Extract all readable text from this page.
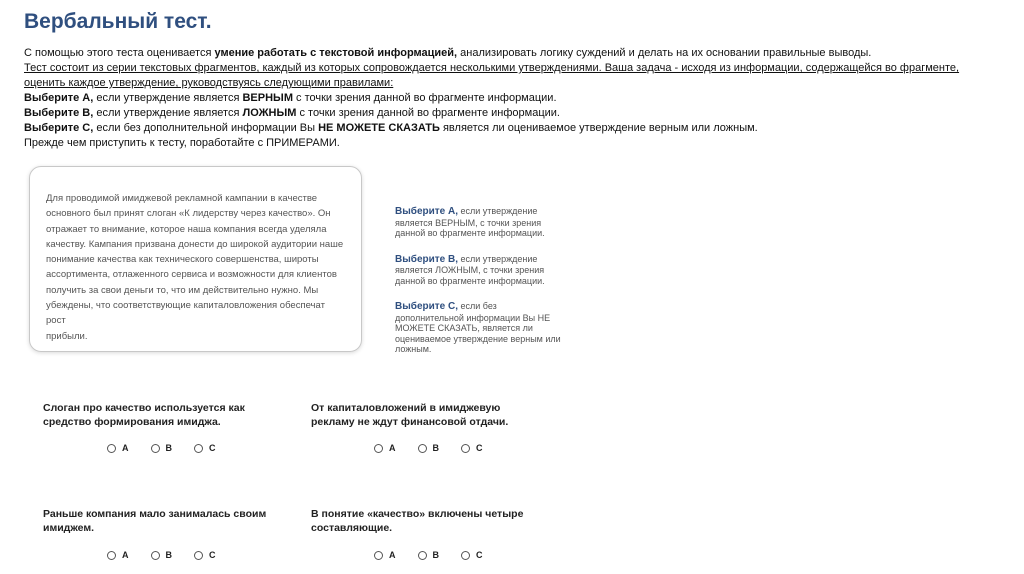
Вербальный тест.

С помощью этого теста оценивается умение работать с текстовой информацией, анализировать логику суждений и делать на их основании правильные выводы.

Тест состоит из серии текстовых фрагментов, каждый из которых сопровождается несколькими утверждениями. Ваша задача - исходя из информации, содержащейся во фрагменте,

оценить каждое утверждение, руководствуясь следующими правилами:

Выберите А, если утверждение является ВЕРНЫМ с точки зрения данной во фрагменте информации.

Выберите В, если утверждение является ЛОЖНЫМ с точки зрения данной во фрагменте информации.

Выберите С, если без дополнительной информации Вы НЕ МОЖЕТЕ СКАЗАТЬ является ли оцениваемое утверждение верным или ложным.

Прежде чем приступить к тесту, поработайте с ПРИМЕРАМИ.

Для проводимой имиджевой рекламной кампании в качестве
основного был принят слоган «К лидерству через качество». Он
отражает то внимание, которое наша компания всегда уделяла
качеству. Кампания призвана донести до широкой аудитории наше
понимание качества как технического совершенства, широты
ассортимента, отлаженного сервиса и возможности для клиентов
получить за свои деньги то, что им действительно нужно. Мы
убеждены, что соответствующие капиталовложения обеспечат рост
прибыли.
Выберите А, если утверждение
является ВЕРНЫМ, с точки зрения
данной во фрагменте информации.
Выберите В, если утверждение
является ЛОЖНЫМ, с точки зрения
данной во фрагменте информации.
Выберите С, если без
дополнительной информации Вы НЕ
МОЖЕТЕ СКАЗАТЬ, является ли
оцениваемое утверждение верным или
ложным.
Слоган про качество используется как
средство формирования имиджа.
A	B	C
От капиталовложений в имиджевую
рекламу не ждут финансовой отдачи.
A	B	C
Раньше компания мало занималась своим
имиджем.
A	B	C
В понятие «качество» включены четыре
составляющие.
A	B	C
